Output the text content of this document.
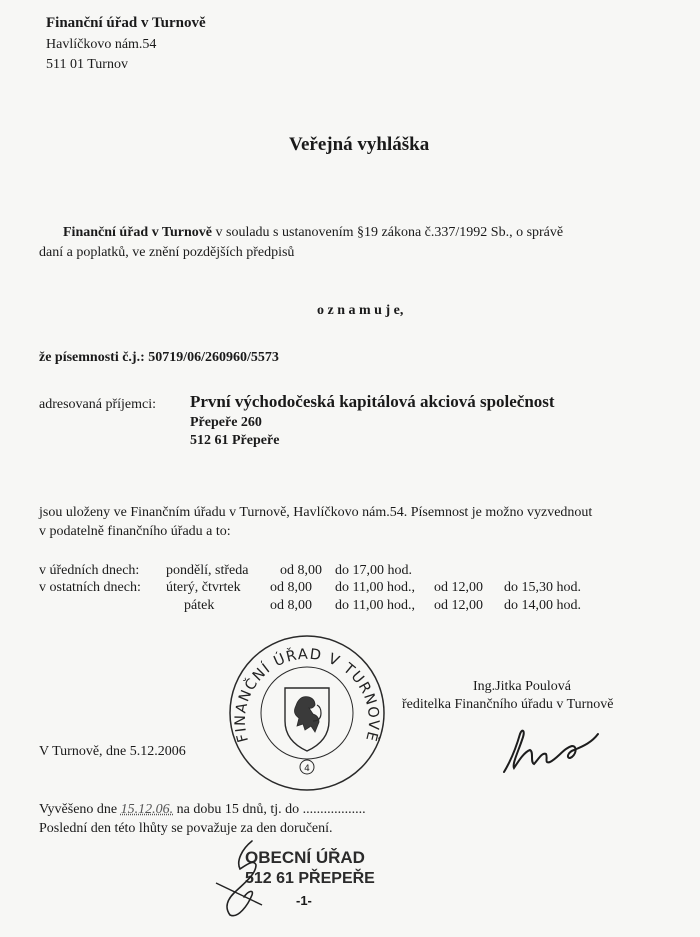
Finanční úřad v Turnově
Havlíčkovo nám.54
511 01 Turnov
Veřejná vyhláška
Finanční úřad v Turnově v souladu s ustanovením §19 zákona č.337/1992 Sb., o správě
daní a poplatků, ve znění pozdějších předpisů
o z n a m u j e,
že písemnosti č.j.: 50719/06/260960/5573
adresovaná příjemci: První východočeská kapitálová akciová společnost
Přepeře 260
512 61 Přepeře
jsou uloženy ve Finančním úřadu v Turnově, Havlíčkovo nám.54. Písemnost je možno vyzvednout
v podatelně finančního úřadu a to:
v úředních dnech: pondělí, středa od 8,00 do 17,00 hod.
v ostatních dnech: úterý, čtvrtek od 8,00 do 11,00 hod., od 12,00 do 15,30 hod.
pátek	od 8,00 do 11,00 hod., od 12,00 do 14,00 hod.
FINANČNÍ ÚŘAD V TURNOVĚ
4
Ing.Jitka Poulová
ředitelka Finančního úřadu v Turnově
V Turnově, dne 5.12.2006
Vyvěšeno dne 15.12.06. na dobu 15 dnů, tj. do ..................
Poslední den této lhůty se považuje za den doručení.
OBECNÍ ÚŘAD
512 61 PŘEPEŘE
-1-
